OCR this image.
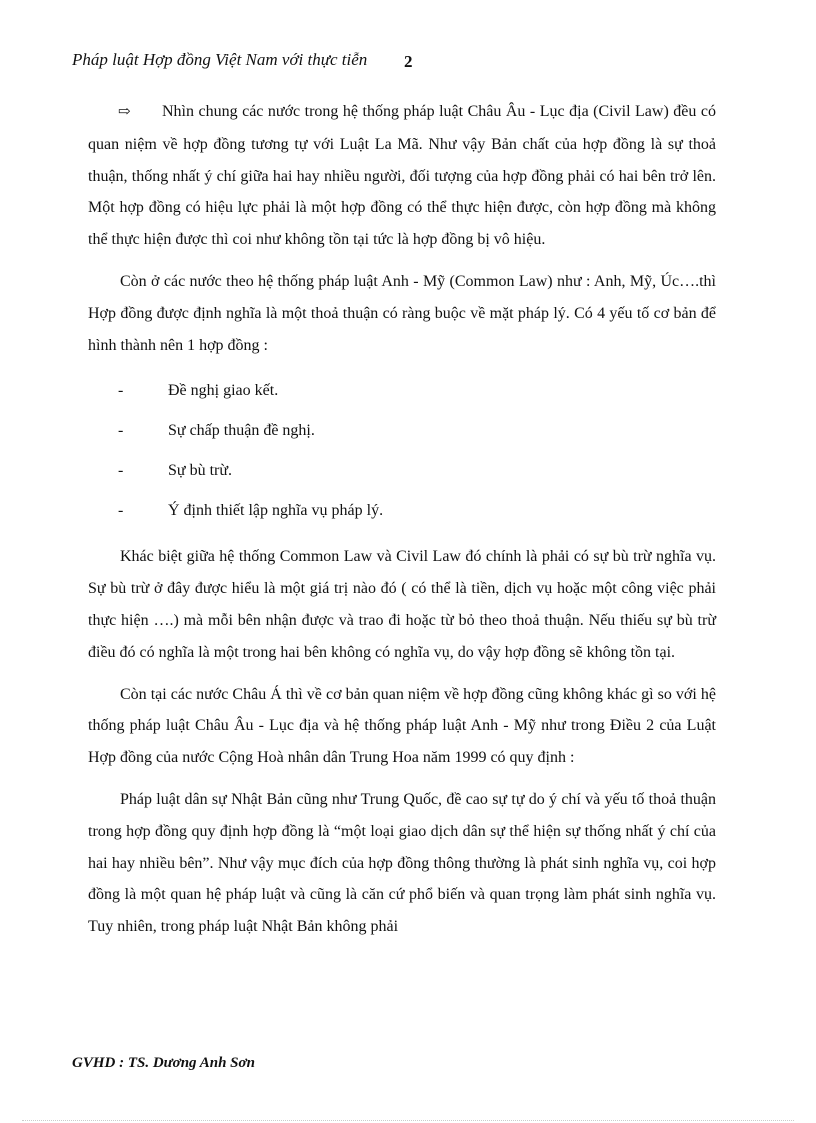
Pháp luật Hợp đồng Việt Nam với thực tiễn 2

⇨ Nhìn chung các nước trong hệ thống pháp luật Châu Âu - Lục địa (Civil Law) đều có quan niệm về hợp đồng tương tự với Luật La Mã. Như vậy Bản chất của hợp đồng là sự thoả thuận, thống nhất ý chí giữa hai hay nhiều người, đối tượng của hợp đồng phải có hai bên trở lên. Một hợp đồng có hiệu lực phải là một hợp đồng có thể thực hiện được, còn hợp đồng mà không thể thực hiện được thì coi như không tồn tại tức là hợp đồng bị vô hiệu.

Còn ở các nước theo hệ thống pháp luật Anh - Mỹ (Common Law) như : Anh, Mỹ, Úc….thì Hợp đồng được định nghĩa là một thoả thuận có ràng buộc về mặt pháp lý. Có 4 yếu tố cơ bản để hình thành nên 1 hợp đồng :

-	Đề nghị giao kết.
-	Sự chấp thuận đề nghị.
-	Sự bù trừ.
-	Ý định thiết lập nghĩa vụ pháp lý.

Khác biệt giữa hệ thống Common Law và Civil Law đó chính là phải có sự bù trừ nghĩa vụ. Sự bù trừ ở đây được hiểu là một giá trị nào đó ( có thể là tiền, dịch vụ hoặc một công việc phải thực hiện ….) mà mỗi bên nhận được và trao đi hoặc từ bỏ theo thoả thuận. Nếu thiếu sự bù trừ điều đó có nghĩa là một trong hai bên không có nghĩa vụ, do vậy hợp đồng sẽ không tồn tại.

Còn tại các nước Châu Á thì về cơ bản quan niệm về hợp đồng cũng không khác gì so với hệ thống pháp luật Châu Âu - Lục địa và hệ thống pháp luật Anh - Mỹ như trong Điều 2 của Luật Hợp đồng của nước Cộng Hoà nhân dân Trung Hoa năm 1999 có quy định :

Pháp luật dân sự Nhật Bản cũng như Trung Quốc, đề cao sự tự do ý chí và yếu tố thoả thuận trong hợp đồng quy định hợp đồng là “một loại giao dịch dân sự thể hiện sự thống nhất ý chí của hai hay nhiều bên”. Như vậy mục đích của hợp đồng thông thường là phát sinh nghĩa vụ, coi hợp đồng là một quan hệ pháp luật và cũng là căn cứ phổ biến và quan trọng làm phát sinh nghĩa vụ. Tuy nhiên, trong pháp luật Nhật Bản không phải

GVHD : TS. Dương Anh Sơn
